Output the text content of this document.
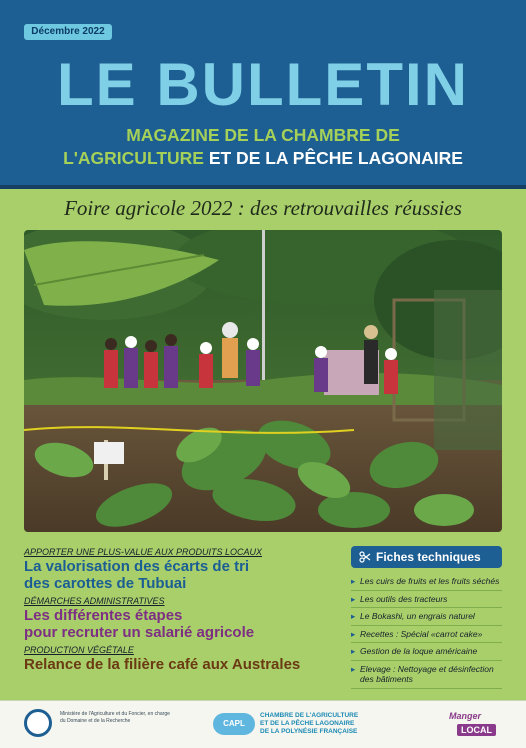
Décembre 2022
LE BULLETIN
MAGAZINE DE LA CHAMBRE DE
L'AGRICULTURE ET DE LA PÊCHE LAGONAIRE
Foire agricole 2022 : des retrouvailles réussies
APPORTER UNE PLUS-VALUE AUX PRODUITS LOCAUX
La valorisation des écarts de tri
des carottes de Tubuai
DÉMARCHES ADMINISTRATIVES
Les différentes étapes
pour recruter un salarié agricole
PRODUCTION VÉGÉTALE
Relance de la filière café aux Australes
Fiches techniques
▸ Les cuirs de fruits et les fruits séchés
▸ Les outils des tracteurs
▸ Le Bokashi, un engrais naturel
▸ Recettes : Spécial «carrot cake»
▸ Gestion de la loque américaine
▸ Elevage : Nettoyage et désinfection des bâtiments
Ministère de l'Agriculture et du Foncier, en charge du Domaine et de la Recherche	CAPL
CHAMBRE DE L'AGRICULTURE
ET DE LA PÊCHE LAGONAIRE
DE LA POLYNÉSIE FRANÇAISE
Manger
LOCAL
